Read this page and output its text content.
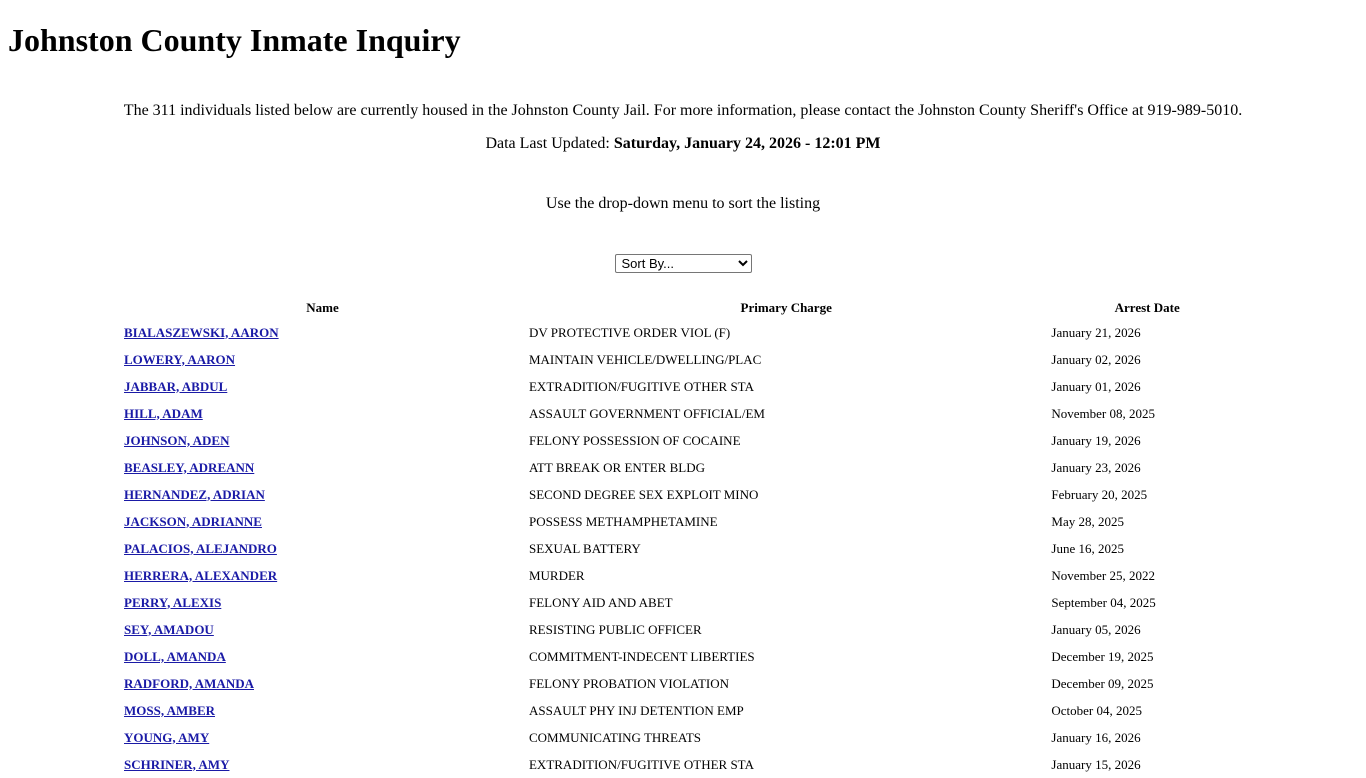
Johnston County Inmate Inquiry
The 311 individuals listed below are currently housed in the Johnston County Jail. For more information, please contact the Johnston County Sheriff's Office at 919-989-5010.
Data Last Updated: Saturday, January 24, 2026 - 12:01 PM
Use the drop-down menu to sort the listing
Sort By...
Name	Primary Charge	Arrest Date
BIALASZEWSKI, AARON	DV PROTECTIVE ORDER VIOL (F)	January 21, 2026
LOWERY, AARON	MAINTAIN VEHICLE/DWELLING/PLAC	January 02, 2026
JABBAR, ABDUL	EXTRADITION/FUGITIVE OTHER STA	January 01, 2026
HILL, ADAM	ASSAULT GOVERNMENT OFFICIAL/EM	November 08, 2025
JOHNSON, ADEN	FELONY POSSESSION OF COCAINE	January 19, 2026
BEASLEY, ADREANN	ATT BREAK OR ENTER BLDG	January 23, 2026
HERNANDEZ, ADRIAN	SECOND DEGREE SEX EXPLOIT MINO	February 20, 2025
JACKSON, ADRIANNE	POSSESS METHAMPHETAMINE	May 28, 2025
PALACIOS, ALEJANDRO	SEXUAL BATTERY	June 16, 2025
HERRERA, ALEXANDER	MURDER	November 25, 2022
PERRY, ALEXIS	FELONY AID AND ABET	September 04, 2025
SEY, AMADOU	RESISTING PUBLIC OFFICER	January 05, 2026
DOLL, AMANDA	COMMITMENT-INDECENT LIBERTIES	December 19, 2025
RADFORD, AMANDA	FELONY PROBATION VIOLATION	December 09, 2025
MOSS, AMBER	ASSAULT PHY INJ DETENTION EMP	October 04, 2025
YOUNG, AMY	COMMUNICATING THREATS	January 16, 2026
SCHRINER, AMY	EXTRADITION/FUGITIVE OTHER STA	January 15, 2026
